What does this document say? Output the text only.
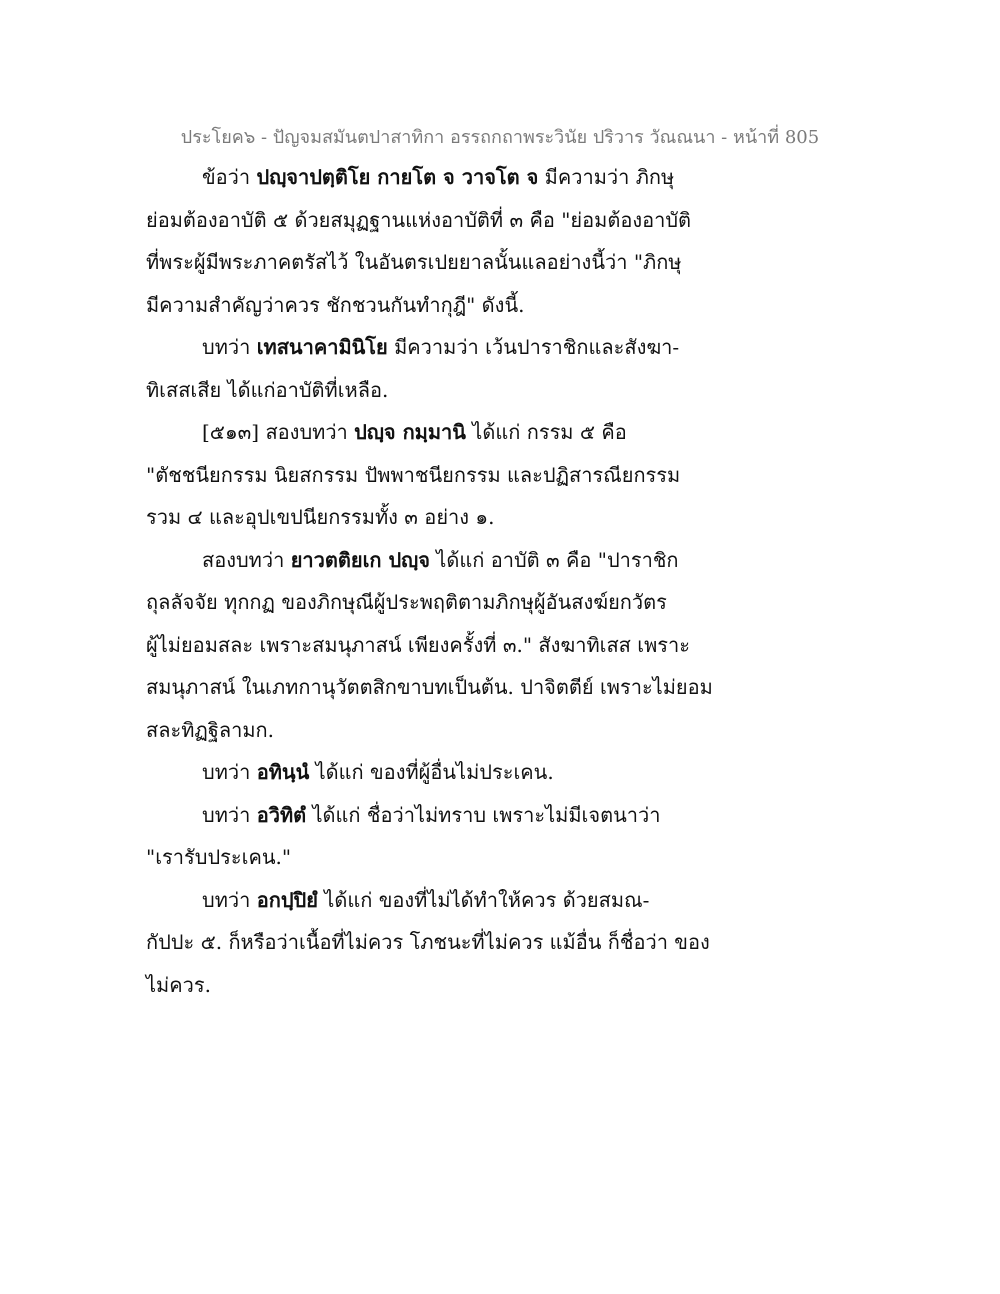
ประโยค๖ - ปัญจมสมันตปาสาทิกา อรรถกถาพระวินัย ปริวาร วัณณนา - หน้าที่ 805
ข้อว่า ปญฺจาปตฺติโย กายโต จ วาจโต จ มีความว่า ภิกษุ
ย่อมต้องอาบัติ ๕ ด้วยสมุฏฐานแห่งอาบัติที่ ๓ คือ "ย่อมต้องอาบัติ
ที่พระผู้มีพระภาคตรัสไว้ ในอันตรเปยยาลนั้นแลอย่างนี้ว่า "ภิกษุ
มีความสำคัญว่าควร ชักชวนกันทำกุฎี" ดังนี้.
บทว่า เทสนาคามินิโย มีความว่า เว้นปาราชิกและสังฆา-
ทิเสสเสีย ได้แก่อาบัติที่เหลือ.
[๕๑๓] สองบทว่า ปญฺจ กมฺมานิ ได้แก่ กรรม ๕ คือ
"ตัชชนียกรรม นิยสกรรม ปัพพาชนียกรรม และปฏิสารณียกรรม
รวม ๔ และอุปเขปนียกรรมทั้ง ๓ อย่าง ๑.
สองบทว่า ยาวตติยเก ปญฺจ ได้แก่ อาบัติ ๓ คือ "ปาราชิก
ถุลลัจจัย ทุกกฏ ของภิกษุณีผู้ประพฤติตามภิกษุผู้อันสงฆ์ยกวัตร
ผู้ไม่ยอมสละ เพราะสมนุภาสน์ เพียงครั้งที่ ๓." สังฆาทิเสส เพราะ
สมนุภาสน์ ในเภทกานุวัตตสิกขาบทเป็นต้น. ปาจิตตีย์ เพราะไม่ยอม
สละทิฏฐิลามก.
บทว่า อทินฺนํ ได้แก่ ของที่ผู้อื่นไม่ประเคน.
บทว่า อวิทิตํ ได้แก่ ชื่อว่าไม่ทราบ เพราะไม่มีเจตนาว่า
"เรารับประเคน."
บทว่า อกปฺปิยํ ได้แก่ ของที่ไม่ได้ทำให้ควร ด้วยสมณ-
กัปปะ ๕. ก็หรือว่าเนื้อที่ไม่ควร โภชนะที่ไม่ควร แม้อื่น ก็ชื่อว่า ของ
ไม่ควร.
